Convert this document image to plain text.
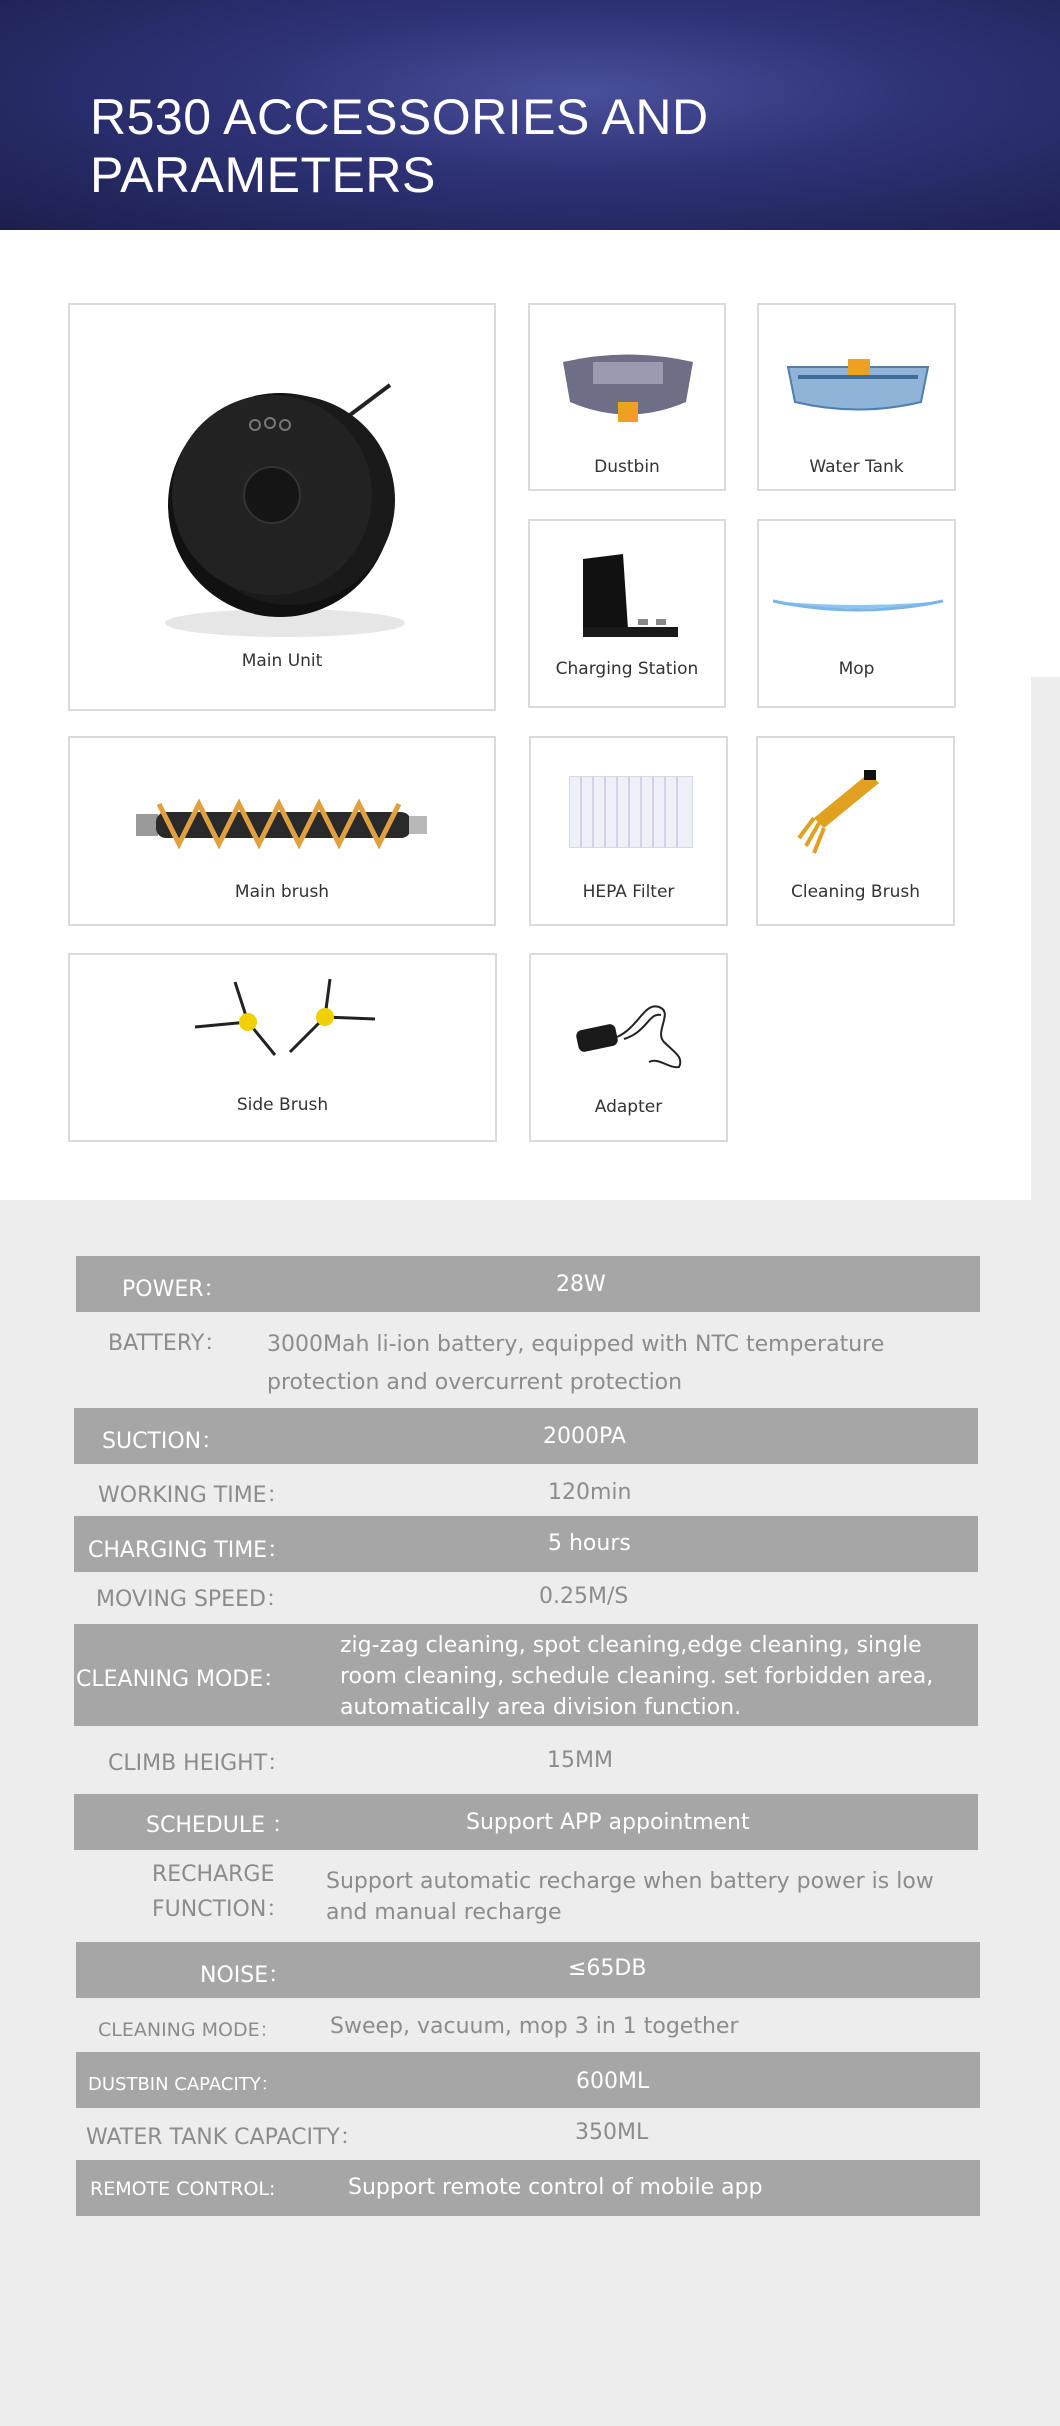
R530 ACCESSORIES AND PARAMETERS
Main Unit
Dustbin	Water Tank
Charging Station	Mop
Main brush	HEPA Filter	Cleaning Brush
Side Brush	Adapter
POWER：	28W
BATTERY： 3000Mah li-ion battery, equipped with NTC temperature protection and overcurrent protection
SUCTION：	2000PA
WORKING TIME：	120min
CHARGING TIME：	5 hours
MOVING SPEED：	0.25M/S
CLEANING MODE：
zig-zag cleaning, spot cleaning,edge cleaning, single room cleaning, schedule cleaning. set forbidden area, automatically area division function.
CLIMB HEIGHT：	15MM
SCHEDULE ：	Support APP appointment
RECHARGE
FUNCTION：
Support automatic recharge when battery power is low and manual recharge
NOISE：	≤65DB
CLEANING MODE： Sweep, vacuum, mop 3 in 1 together
DUSTBIN CAPACITY：	600ML
WATER TANK CAPACITY：	350ML
REMOTE CONTROL:	Support remote control of mobile app
